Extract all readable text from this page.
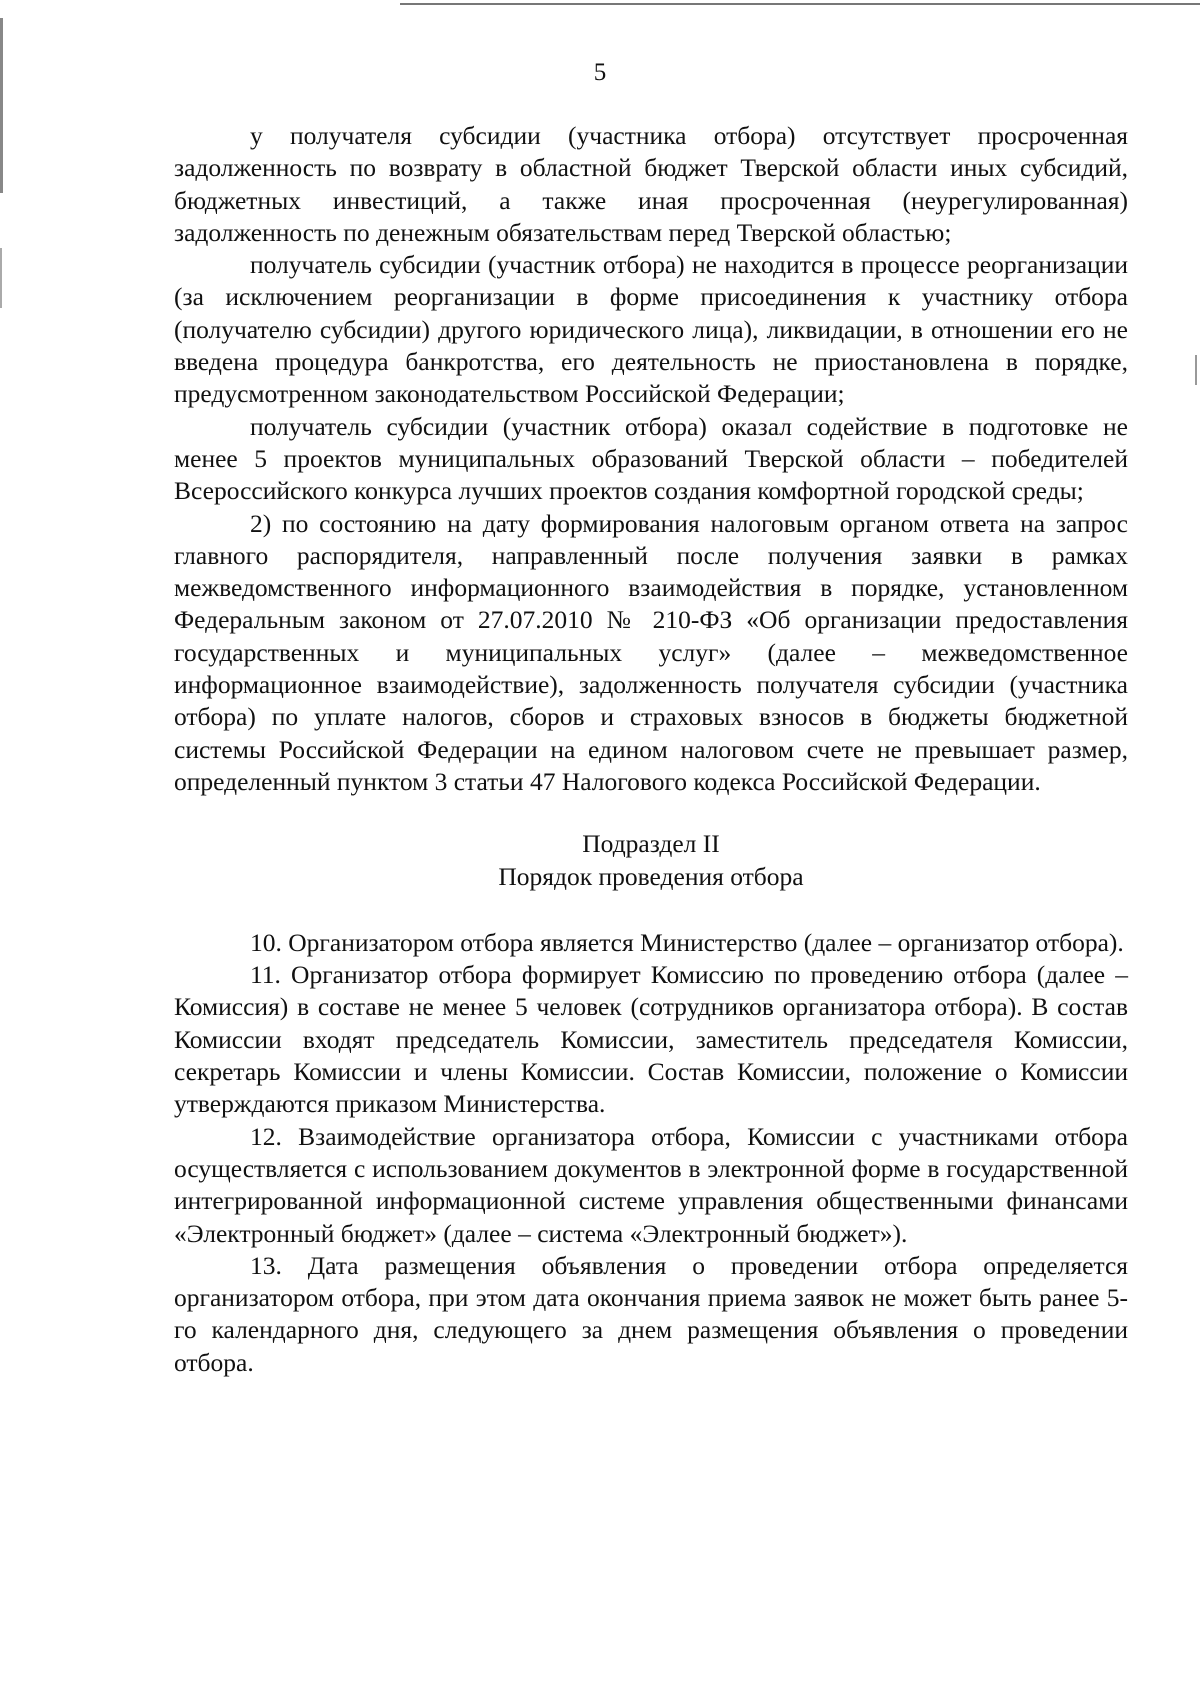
5

у получателя субсидии (участника отбора) отсутствует просроченная задолженность по возврату в областной бюджет Тверской области иных субсидий, бюджетных инвестиций, а также иная просроченная (неурегулированная) задолженность по денежным обязательствам перед Тверской областью;

получатель субсидии (участник отбора) не находится в процессе реорганизации (за исключением реорганизации в форме присоединения к участнику отбора (получателю субсидии) другого юридического лица), ликвидации, в отношении его не введена процедура банкротства, его деятельность не приостановлена в порядке, предусмотренном законодательством Российской Федерации;

получатель субсидии (участник отбора) оказал содействие в подготовке не менее 5 проектов муниципальных образований Тверской области – победителей Всероссийского конкурса лучших проектов создания комфортной городской среды;

2) по состоянию на дату формирования налоговым органом ответа на запрос главного распорядителя, направленный после получения заявки в рамках межведомственного информационного взаимодействия в порядке, установленном Федеральным законом от 27.07.2010 № 210-ФЗ «Об организации предоставления государственных и муниципальных услуг» (далее – межведомственное информационное взаимодействие), задолженность получателя субсидии (участника отбора) по уплате налогов, сборов и страховых взносов в бюджеты бюджетной системы Российской Федерации на едином налоговом счете не превышает размер, определенный пунктом 3 статьи 47 Налогового кодекса Российской Федерации.

Подраздел II

Порядок проведения отбора

10. Организатором отбора является Министерство (далее – организатор отбора).

11. Организатор отбора формирует Комиссию по проведению отбора (далее – Комиссия) в составе не менее 5 человек (сотрудников организатора отбора). В состав Комиссии входят председатель Комиссии, заместитель председателя Комиссии, секретарь Комиссии и члены Комиссии. Состав Комиссии, положение о Комиссии утверждаются приказом Министерства.

12. Взаимодействие организатора отбора, Комиссии с участниками отбора осуществляется с использованием документов в электронной форме в государственной интегрированной информационной системе управления общественными финансами «Электронный бюджет» (далее – система «Электронный бюджет»).

13. Дата размещения объявления о проведении отбора определяется организатором отбора, при этом дата окончания приема заявок не может быть ранее 5-го календарного дня, следующего за днем размещения объявления о проведении отбора.
